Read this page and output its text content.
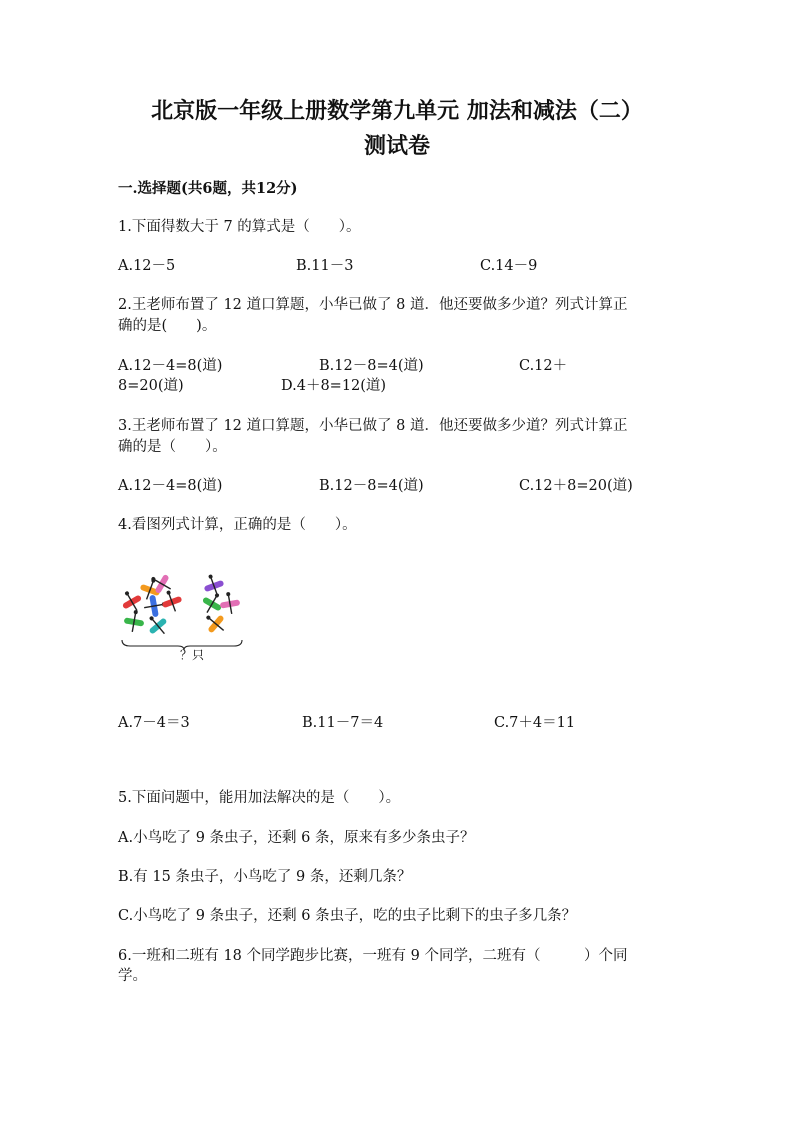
北京版一年级上册数学第九单元 加法和减法（二）
测试卷
一.选择题(共6题，共12分)
1.下面得数大于 7 的算式是（　　）。
A.12－5	B.11－3	C.14－9
2.王老师布置了 12 道口算题，小华已做了 8 道．他还要做多少道？列式计算正
确的是(　　)。
A.12－4=8(道)	B.12－8=4(道)	C.12＋
8=20(道)	D.4＋8=12(道)
3.王老师布置了 12 道口算题，小华已做了 8 道．他还要做多少道？列式计算正
确的是（　　）。
A.12－4=8(道)	B.12－8=4(道)	C.12＋8=20(道)
4.看图列式计算，正确的是（　　）。
？只
A.7－4＝3	B.11－7＝4	C.7＋4＝11
5.下面问题中，能用加法解决的是（　　）。
A.小鸟吃了 9 条虫子，还剩 6 条，原来有多少条虫子？
B.有 15 条虫子，小鸟吃了 9 条，还剩几条？
C.小鸟吃了 9 条虫子，还剩 6 条虫子，吃的虫子比剩下的虫子多几条？
6.一班和二班有 18 个同学跑步比赛，一班有 9 个同学，二班有（　　　）个同
学。
